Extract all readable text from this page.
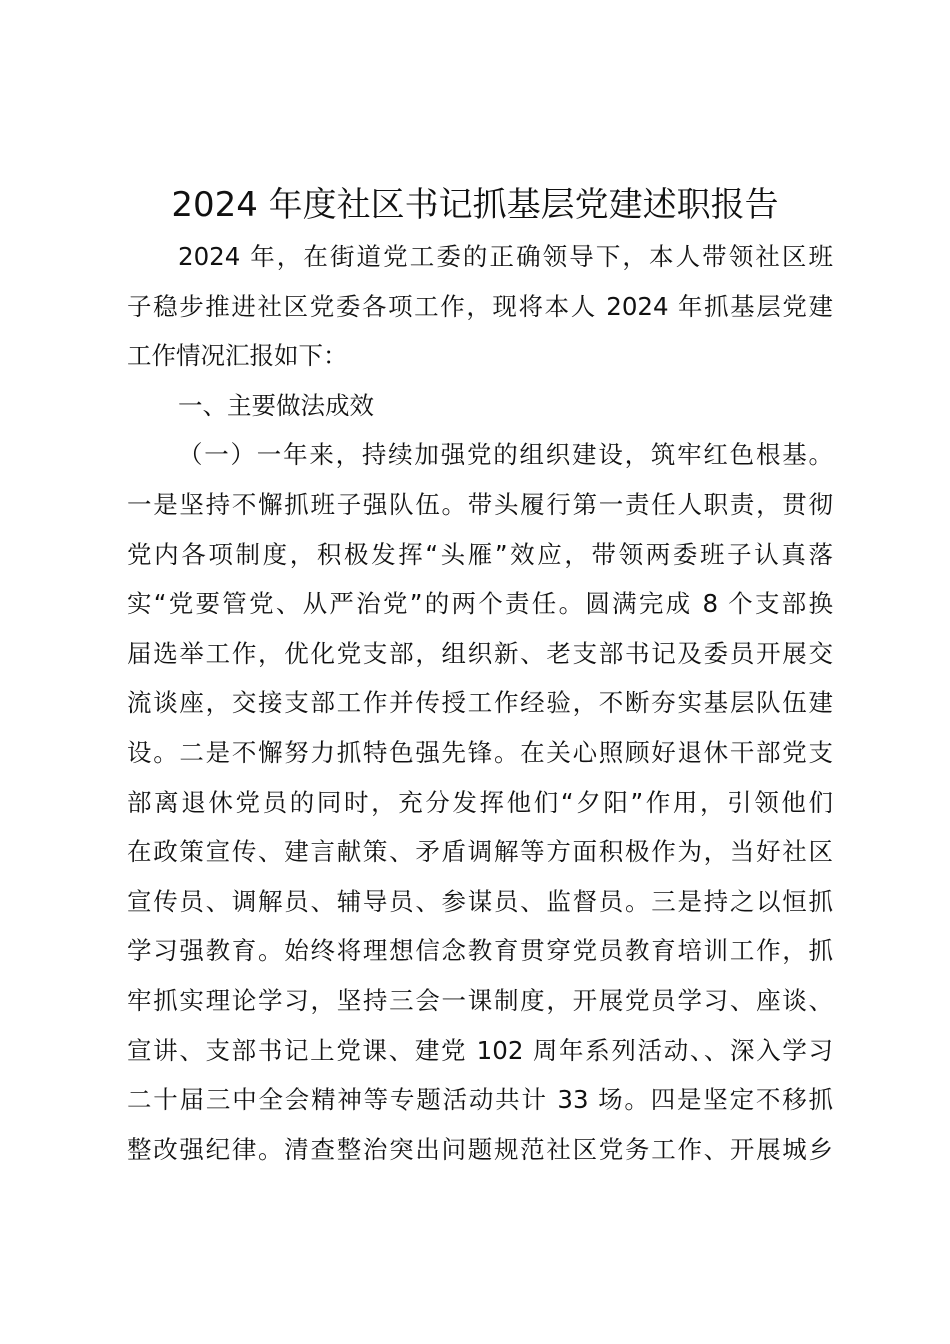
2024 年度社区书记抓基层党建述职报告
2024 年，在街道党工委的正确领导下，本人带领社区班
子稳步推进社区党委各项工作，现将本人 2024 年抓基层党建
工作情况汇报如下：
一、主要做法成效
（一）一年来，持续加强党的组织建设，筑牢红色根基。
一是坚持不懈抓班子强队伍。带头履行第一责任人职责，贯彻
党内各项制度，积极发挥“头雁”效应，带领两委班子认真落
实“党要管党、从严治党”的两个责任。圆满完成 8 个支部换
届选举工作，优化党支部，组织新、老支部书记及委员开展交
流谈座，交接支部工作并传授工作经验，不断夯实基层队伍建
设。二是不懈努力抓特色强先锋。在关心照顾好退休干部党支
部离退休党员的同时，充分发挥他们“夕阳”作用，引领他们
在政策宣传、建言献策、矛盾调解等方面积极作为，当好社区
宣传员、调解员、辅导员、参谋员、监督员。三是持之以恒抓
学习强教育。始终将理想信念教育贯穿党员教育培训工作，抓
牢抓实理论学习，坚持三会一课制度，开展党员学习、座谈、
宣讲、支部书记上党课、建党 102 周年系列活动、、深入学习
二十届三中全会精神等专题活动共计 33 场。四是坚定不移抓
整改强纪律。清查整治突出问题规范社区党务工作、开展城乡
